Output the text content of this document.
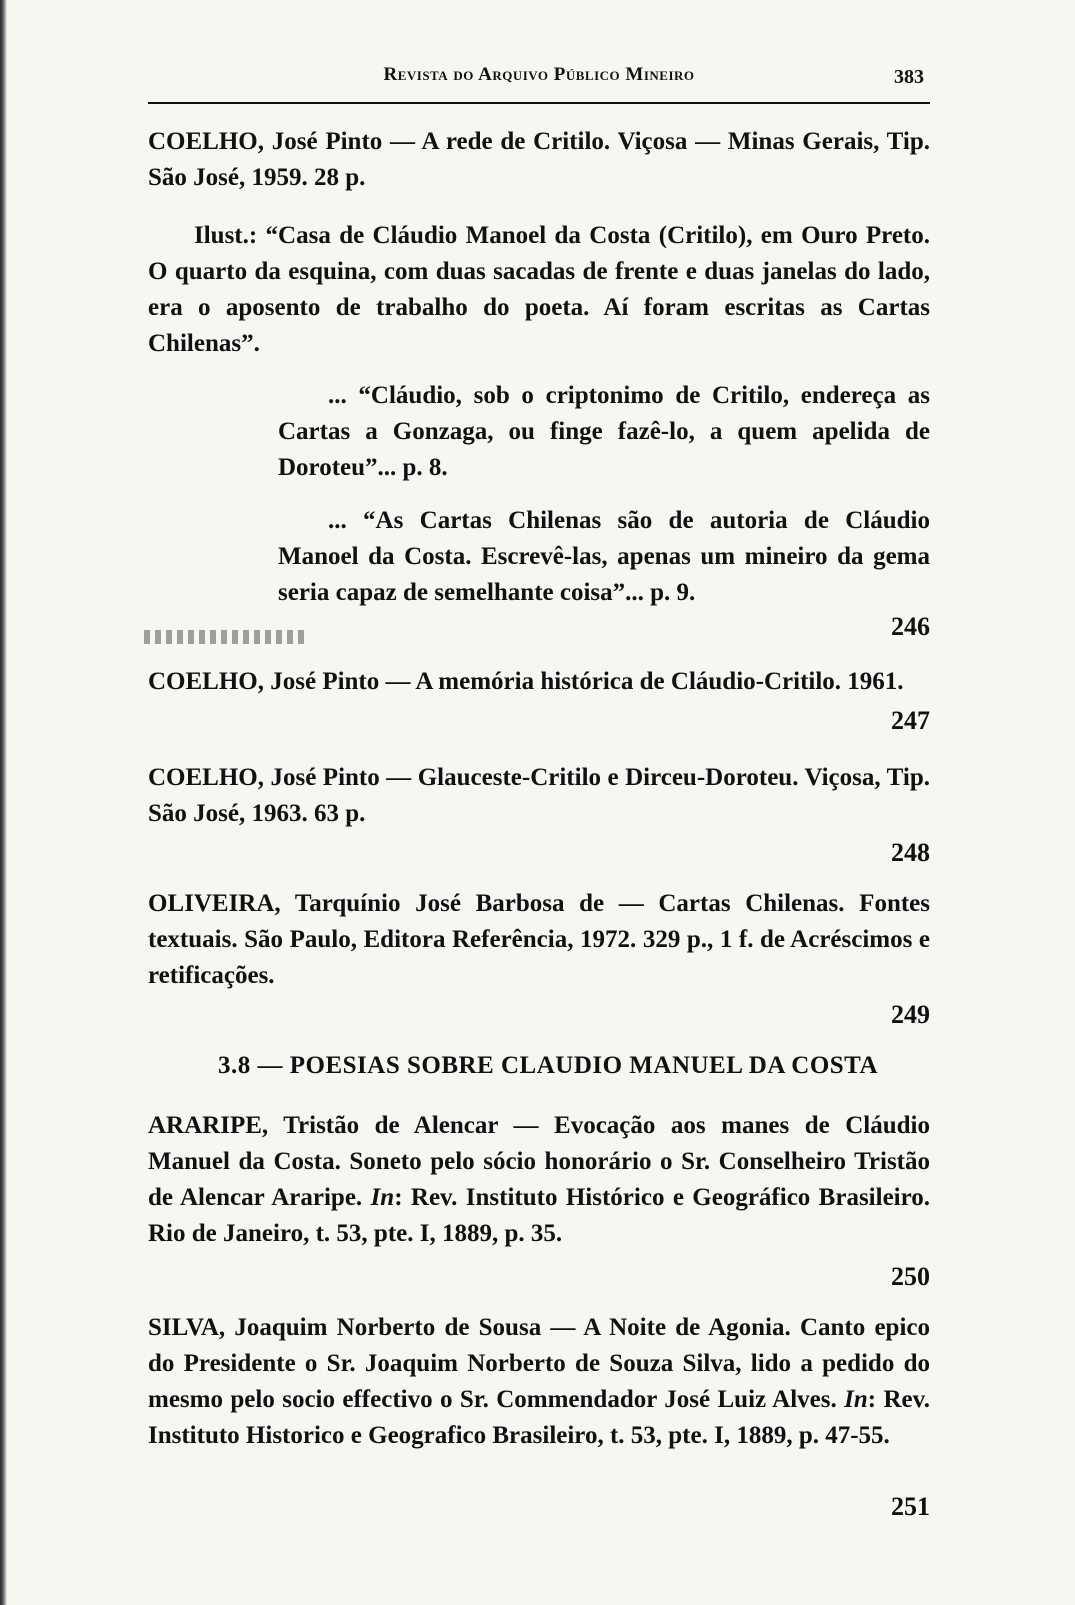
Revista do Arquivo Público Mineiro	383

COELHO, José Pinto — A rede de Critilo. Viçosa — Minas Gerais, Tip. São José, 1959. 28 p.

Ilust.: “Casa de Cláudio Manoel da Costa (Critilo), em Ouro Preto. O quarto da esquina, com duas sacadas de frente e duas janelas do lado, era o aposento de trabalho do poeta. Aí foram escritas as Cartas Chilenas”.

... “Cláudio, sob o criptonimo de Critilo, endereça as Cartas a Gonzaga, ou finge fazê-lo, a quem apelida de Doroteu”... p. 8.

... “As Cartas Chilenas são de autoria de Cláudio Manoel da Costa. Escrevê-las, apenas um mineiro da gema seria capaz de semelhante coisa”... p. 9.

246

COELHO, José Pinto — A memória histórica de Cláudio-Critilo. 1961.

247

COELHO, José Pinto — Glauceste-Critilo e Dirceu-Doroteu. Viçosa, Tip. São José, 1963. 63 p.

248

OLIVEIRA, Tarquínio José Barbosa de — Cartas Chilenas. Fontes textuais. São Paulo, Editora Referência, 1972. 329 p., 1 f. de Acréscimos e retificações.

249
3.8 — POESIAS SOBRE CLAUDIO MANUEL DA COSTA

ARARIPE, Tristão de Alencar — Evocação aos manes de Cláudio Manuel da Costa. Soneto pelo sócio honorário o Sr. Conselheiro Tristão de Alencar Araripe. In: Rev. Instituto Histórico e Geográfico Brasileiro. Rio de Janeiro, t. 53, pte. I, 1889, p. 35.

250

SILVA, Joaquim Norberto de Sousa — A Noite de Agonia. Canto epico do Presidente o Sr. Joaquim Norberto de Souza Silva, lido a pedido do mesmo pelo socio effectivo o Sr. Commendador José Luiz Alves. In: Rev. Instituto Historico e Geografico Brasileiro, t. 53, pte. I, 1889, p. 47-55.

251
